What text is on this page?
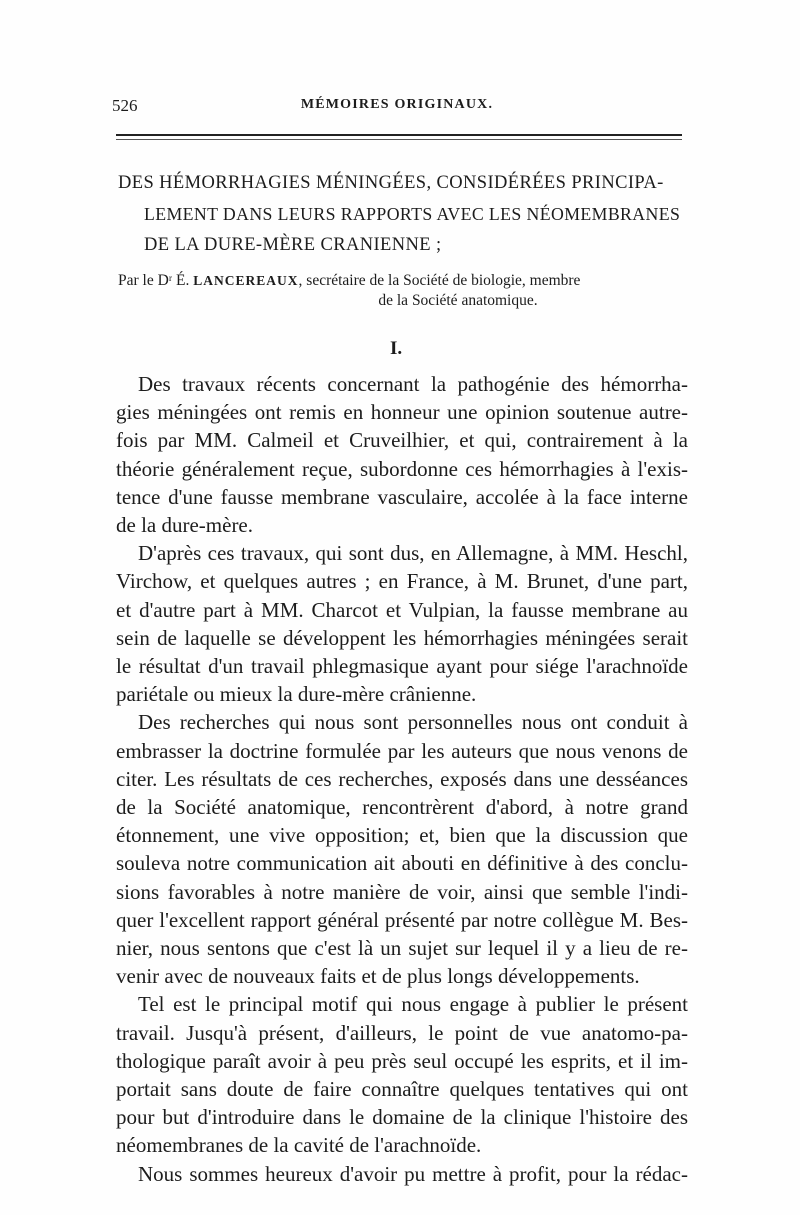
526	MÉMOIRES ORIGINAUX.
DES HÉMORRHAGIES MÉNINGÉES, CONSIDÉRÉES PRINCIPA-
LEMENT DANS LEURS RAPPORTS AVEC LES NÉOMEMBRANES
DE LA DURE-MÈRE CRANIENNE ;
Par le Dʳ É. LANCEREAUX, secrétaire de la Société de biologie, membre
de la Société anatomique.
I.
Des travaux récents concernant la pathogénie des hémorrha-
gies méningées ont remis en honneur une opinion soutenue autre-
fois par MM. Calmeil et Cruveilhier, et qui, contrairement à la
théorie généralement reçue, subordonne ces hémorrhagies à l'exis-
tence d'une fausse membrane vasculaire, accolée à la face interne
de la dure-mère.
D'après ces travaux, qui sont dus, en Allemagne, à MM. Heschl,
Virchow, et quelques autres ; en France, à M. Brunet, d'une part,
et d'autre part à MM. Charcot et Vulpian, la fausse membrane au
sein de laquelle se développent les hémorrhagies méningées serait
le résultat d'un travail phlegmasique ayant pour siége l'arachnoïde
pariétale ou mieux la dure-mère crânienne.
Des recherches qui nous sont personnelles nous ont conduit à
embrasser la doctrine formulée par les auteurs que nous venons de
citer. Les résultats de ces recherches, exposés dans une desséances
de la Société anatomique, rencontrèrent d'abord, à notre grand
étonnement, une vive opposition; et, bien que la discussion que
souleva notre communication ait abouti en définitive à des conclu-
sions favorables à notre manière de voir, ainsi que semble l'indi-
quer l'excellent rapport général présenté par notre collègue M. Bes-
nier, nous sentons que c'est là un sujet sur lequel il y a lieu de re-
venir avec de nouveaux faits et de plus longs développements.
Tel est le principal motif qui nous engage à publier le présent
travail. Jusqu'à présent, d'ailleurs, le point de vue anatomo-pa-
thologique paraît avoir à peu près seul occupé les esprits, et il im-
portait sans doute de faire connaître quelques tentatives qui ont
pour but d'introduire dans le domaine de la clinique l'histoire des
néomembranes de la cavité de l'arachnoïde.
Nous sommes heureux d'avoir pu mettre à profit, pour la rédac-
